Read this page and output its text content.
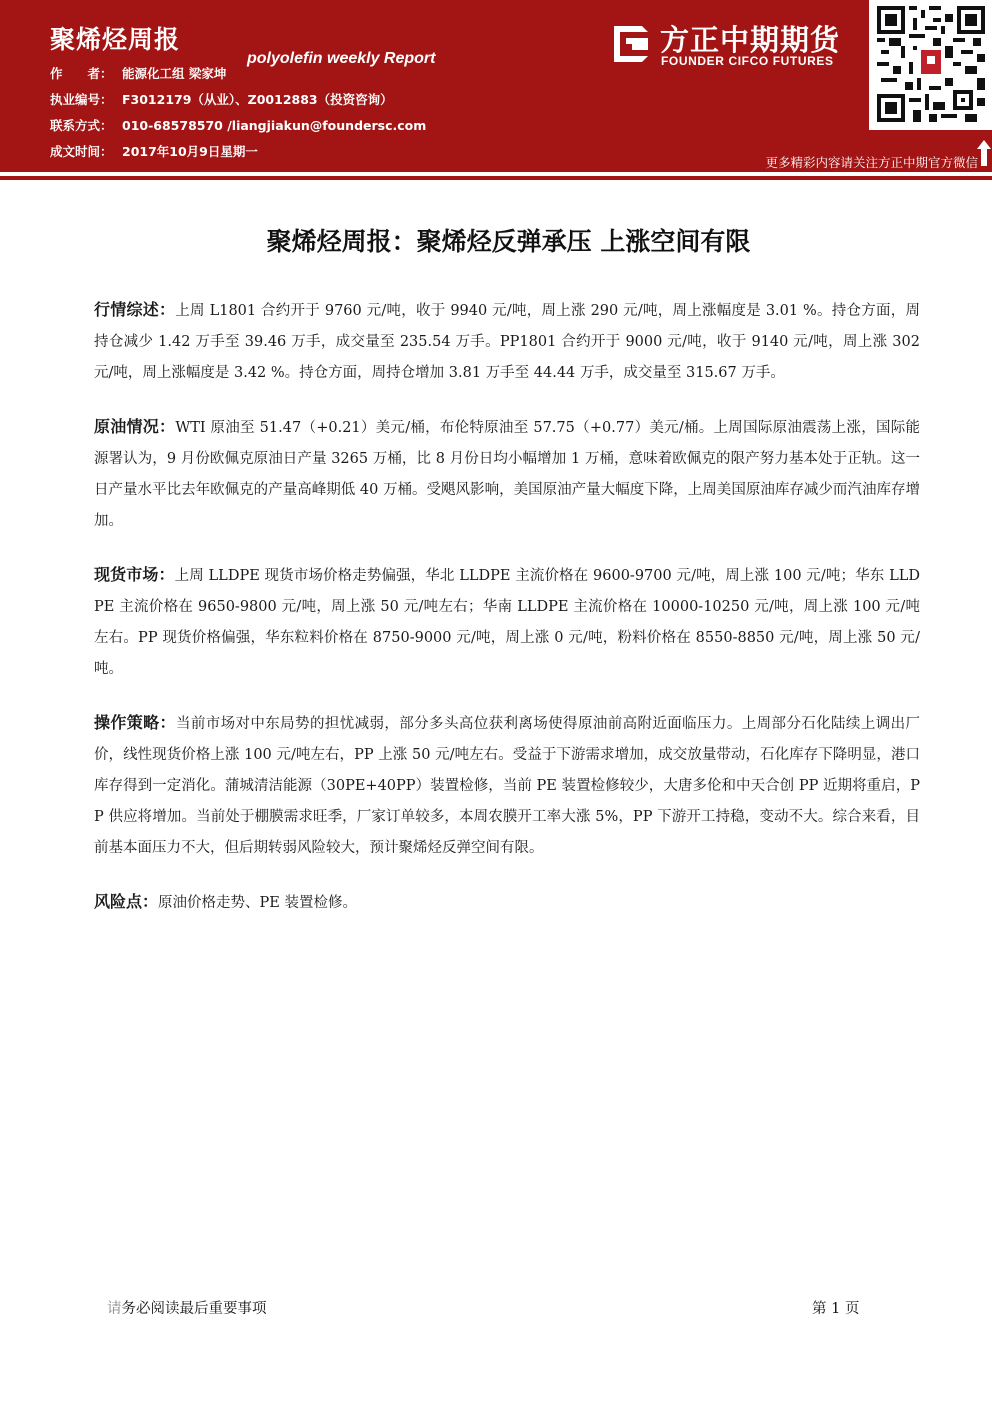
聚烯烃周报
polyolefin weekly Report
作　　者： 能源化工组 梁家坤
执业编号： F3012179（从业）、Z0012883（投资咨询）
联系方式： 010-68578570 /liangjiakun@foundersc.com
成文时间： 2017年10月9日星期一
方正中期期货
FOUNDER CIFCO FUTURES
更多精彩内容请关注方正中期官方微信
聚烯烃周报：聚烯烃反弹承压 上涨空间有限

行情综述：上周 L1801 合约开于 9760 元/吨，收于 9940 元/吨，周上涨 290 元/吨，周上涨幅度是 3.01 %。持仓方面，周持仓减少 1.42 万手至 39.46 万手，成交量至 235.54 万手。PP1801 合约开于 9000 元/吨，收于 9140 元/吨，周上涨 302 元/吨，周上涨幅度是 3.42 %。持仓方面，周持仓增加 3.81 万手至 44.44 万手，成交量至 315.67 万手。

原油情况：WTI 原油至 51.47（+0.21）美元/桶，布伦特原油至 57.75（+0.77）美元/桶。上周国际原油震荡上涨，国际能源署认为，9 月份欧佩克原油日产量 3265 万桶，比 8 月份日均小幅增加 1 万桶，意味着欧佩克的限产努力基本处于正轨。这一日产量水平比去年欧佩克的产量高峰期低 40 万桶。受飓风影响，美国原油产量大幅度下降，上周美国原油库存减少而汽油库存增加。

现货市场：上周 LLDPE 现货市场价格走势偏强，华北 LLDPE 主流价格在 9600-9700 元/吨，周上涨 100 元/吨；华东 LLDPE 主流价格在 9650-9800 元/吨，周上涨 50 元/吨左右；华南 LLDPE 主流价格在 10000-10250 元/吨，周上涨 100 元/吨左右。PP 现货价格偏强，华东粒料价格在 8750-9000 元/吨，周上涨 0 元/吨，粉料价格在 8550-8850 元/吨，周上涨 50 元/吨。

操作策略：当前市场对中东局势的担忧减弱，部分多头高位获利离场使得原油前高附近面临压力。上周部分石化陆续上调出厂价，线性现货价格上涨 100 元/吨左右，PP 上涨 50 元/吨左右。受益于下游需求增加，成交放量带动，石化库存下降明显，港口库存得到一定消化。蒲城清洁能源（30PE+40PP）装置检修，当前 PE 装置检修较少，大唐多伦和中天合创 PP 近期将重启，PP 供应将增加。当前处于棚膜需求旺季，厂家订单较多，本周农膜开工率大涨 5%，PP 下游开工持稳，变动不大。综合来看，目前基本面压力不大，但后期转弱风险较大，预计聚烯烃反弹空间有限。

风险点：原油价格走势、PE 装置检修。

请务必阅读最后重要事项	第 1 页
